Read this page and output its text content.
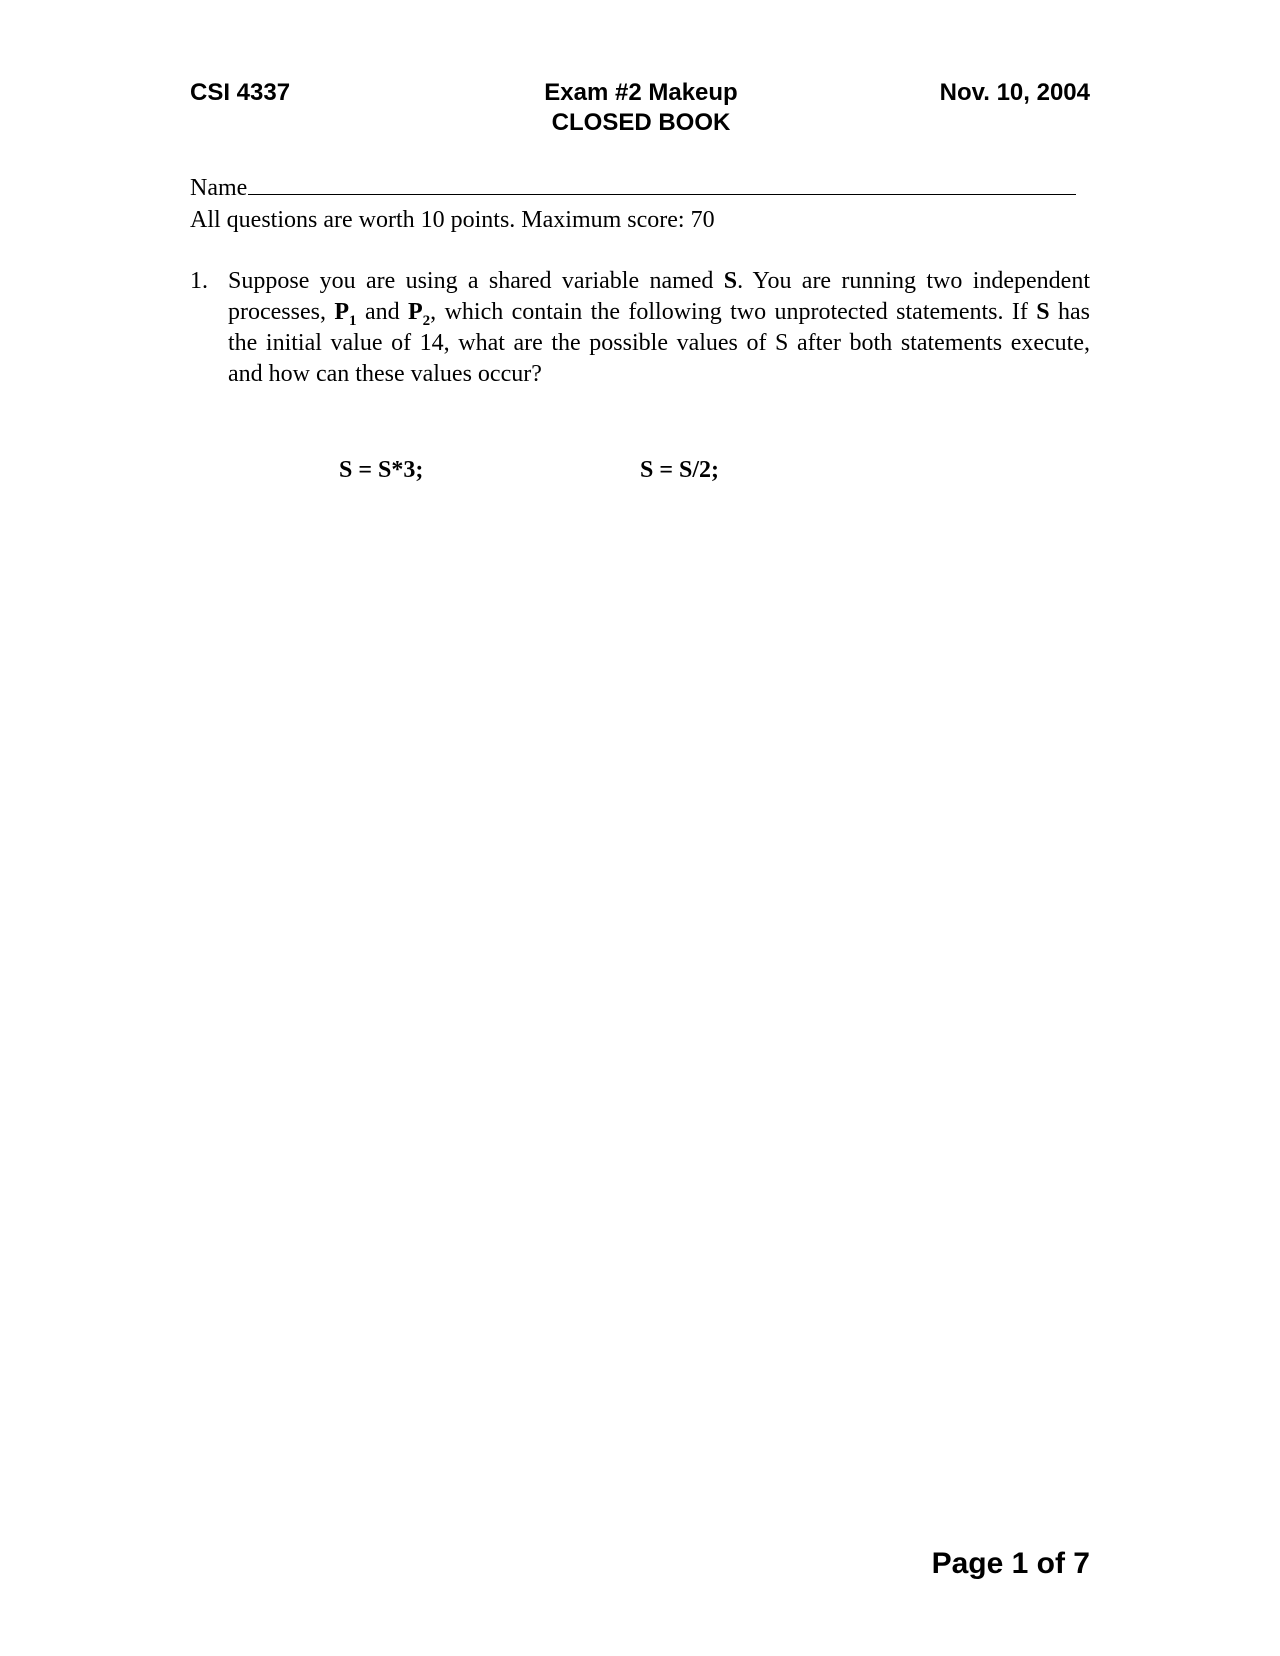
CSI 4337	Exam #2 Makeup
CLOSED BOOK
Nov. 10, 2004
Name
All questions are worth 10 points. Maximum score: 70
1. Suppose you are using a shared variable named S. You are running two independent processes, $P_1$ and $P_2$, which contain the following two unprotected statements. If S has the initial value of 14, what are the possible values of S after both statements execute, and how can these values occur?
S = S*3;	S = S/2;
Page 1 of 7
